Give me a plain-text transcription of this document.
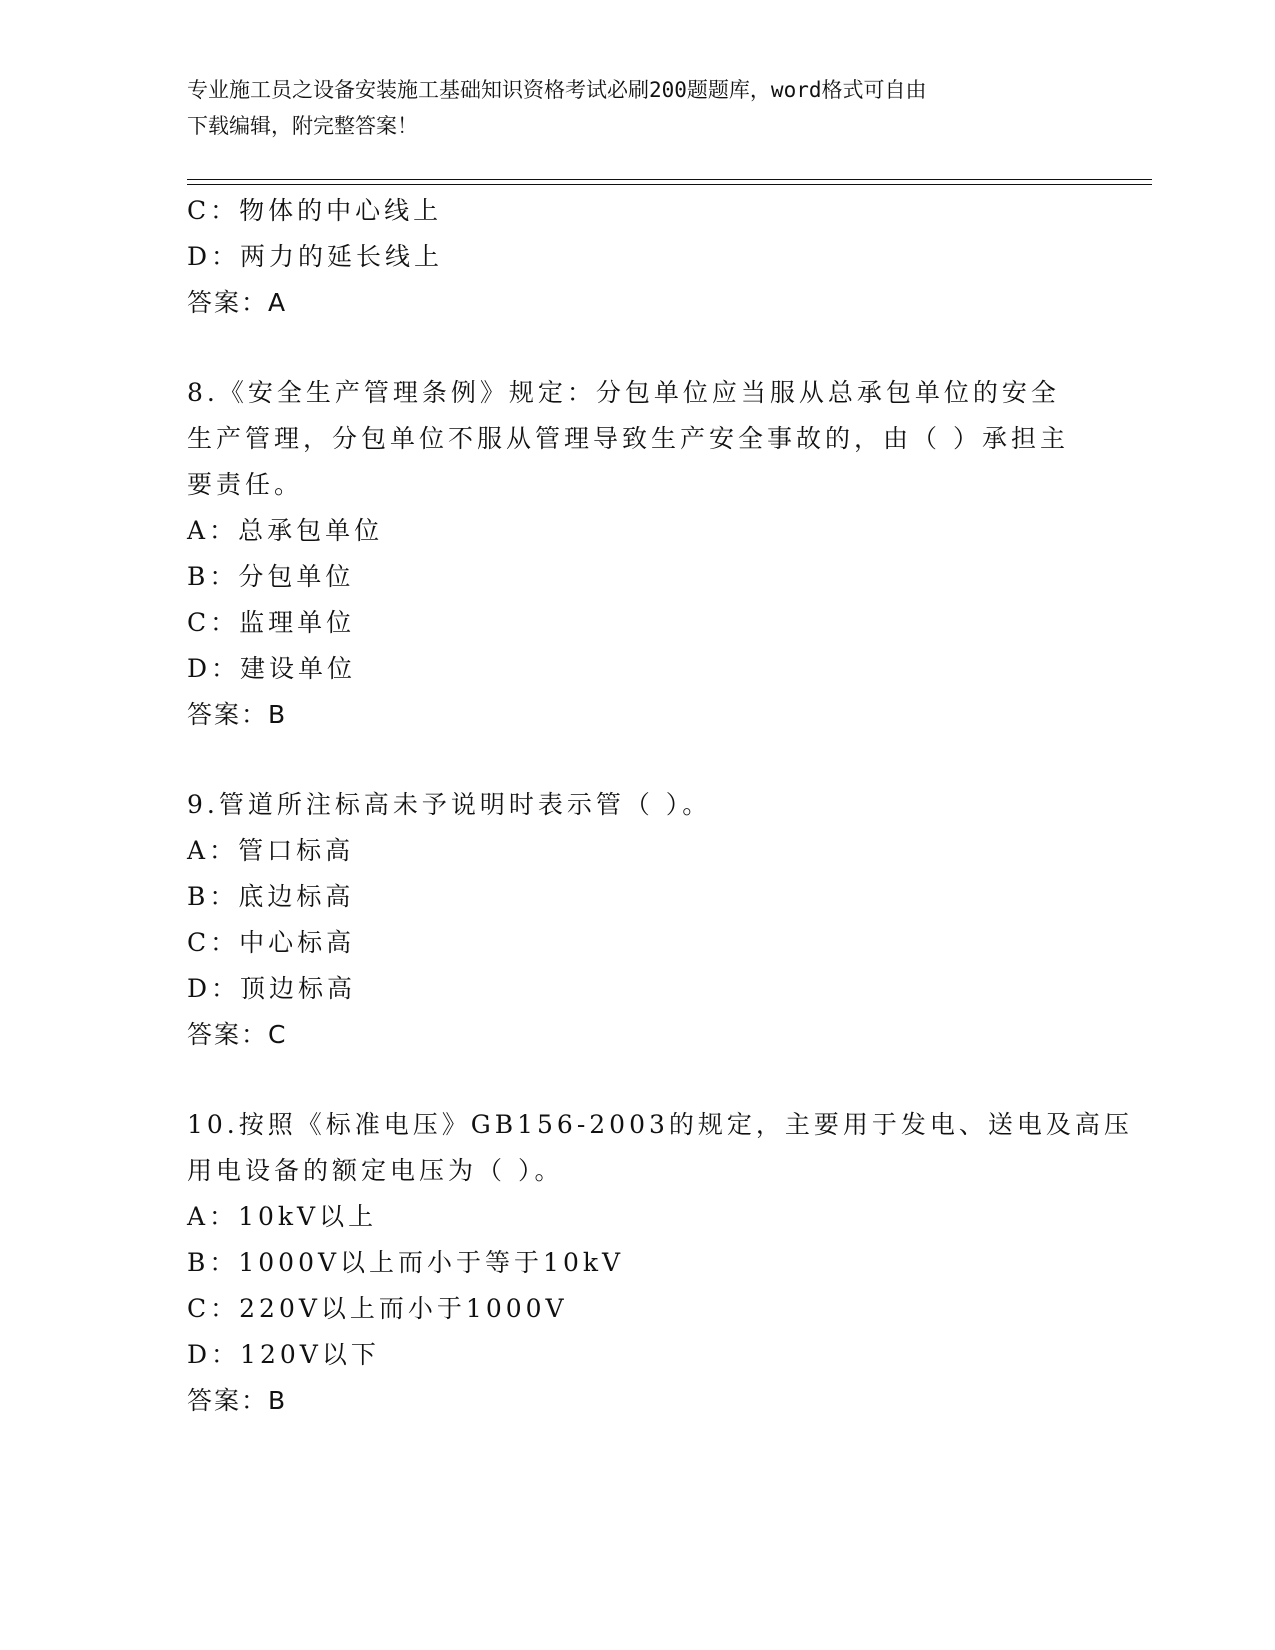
专业施工员之设备安装施工基础知识资格考试必刷200题题库，word格式可自由
下载编辑，附完整答案！
C：物体的中心线上
D：两力的延长线上
答案：A
8.《安全生产管理条例》规定：分包单位应当服从总承包单位的安全
生产管理，分包单位不服从管理导致生产安全事故的，由（ ）承担主
要责任。
A：总承包单位
B：分包单位
C：监理单位
D：建设单位
答案：B
9.管道所注标高未予说明时表示管（ ）。
A：管口标高
B：底边标高
C：中心标高
D：顶边标高
答案：C
10.按照《标准电压》GB156-2003的规定，主要用于发电、送电及高压
用电设备的额定电压为（ ）。
A：10kV以上
B：1000V以上而小于等于10kV
C：220V以上而小于1000V
D：120V以下
答案：B
